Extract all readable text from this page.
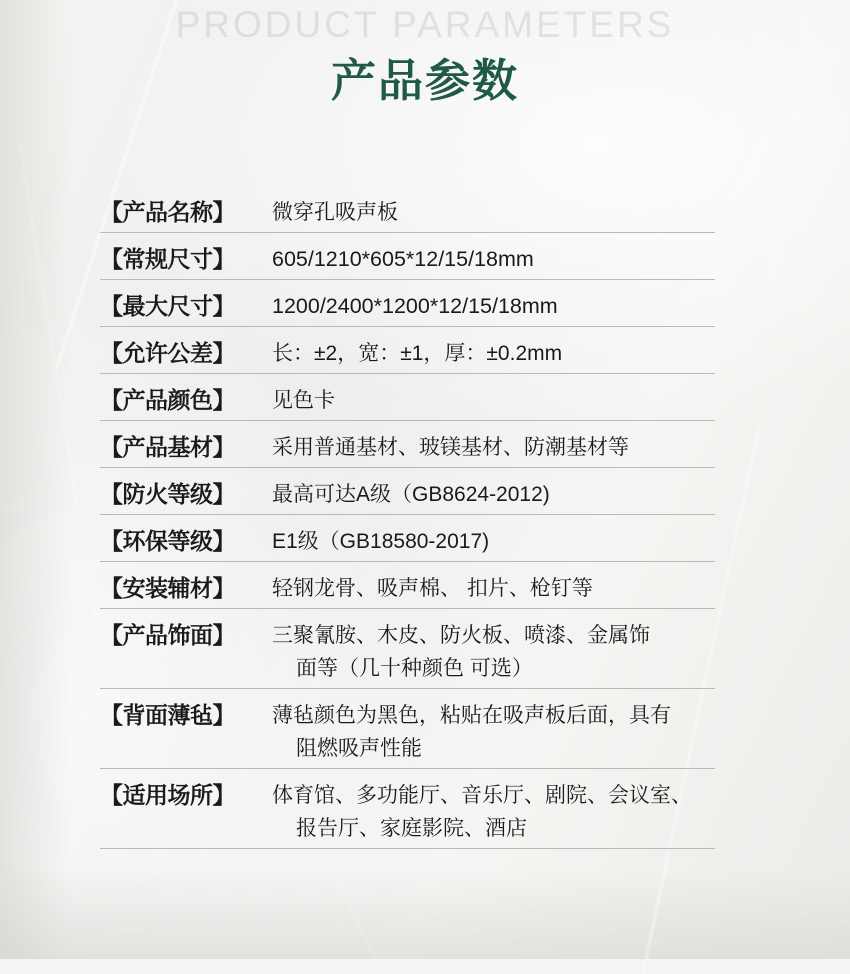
PRODUCT PARAMETERS
产品参数
【产品名称】	微穿孔吸声板
【常规尺寸】	605/1210*605*12/15/18mm
【最大尺寸】	1200/2400*1200*12/15/18mm
【允许公差】	长：±2，宽：±1，厚：±0.2mm
【产品颜色】	见色卡
【产品基材】	采用普通基材、玻镁基材、防潮基材等
【防火等级】	最高可达A级（GB8624-2012)
【环保等级】	E1级（GB18580-2017)
【安装辅材】	轻钢龙骨、吸声棉、 扣片、枪钉等
【产品饰面】	三聚氰胺、木皮、防火板、喷漆、金属饰
面等（几十种颜色 可选）
【背面薄毡】	薄毡颜色为黑色，粘贴在吸声板后面，具有
阻燃吸声性能
【适用场所】	体育馆、多功能厅、音乐厅、剧院、会议室、
报告厅、家庭影院、酒店
